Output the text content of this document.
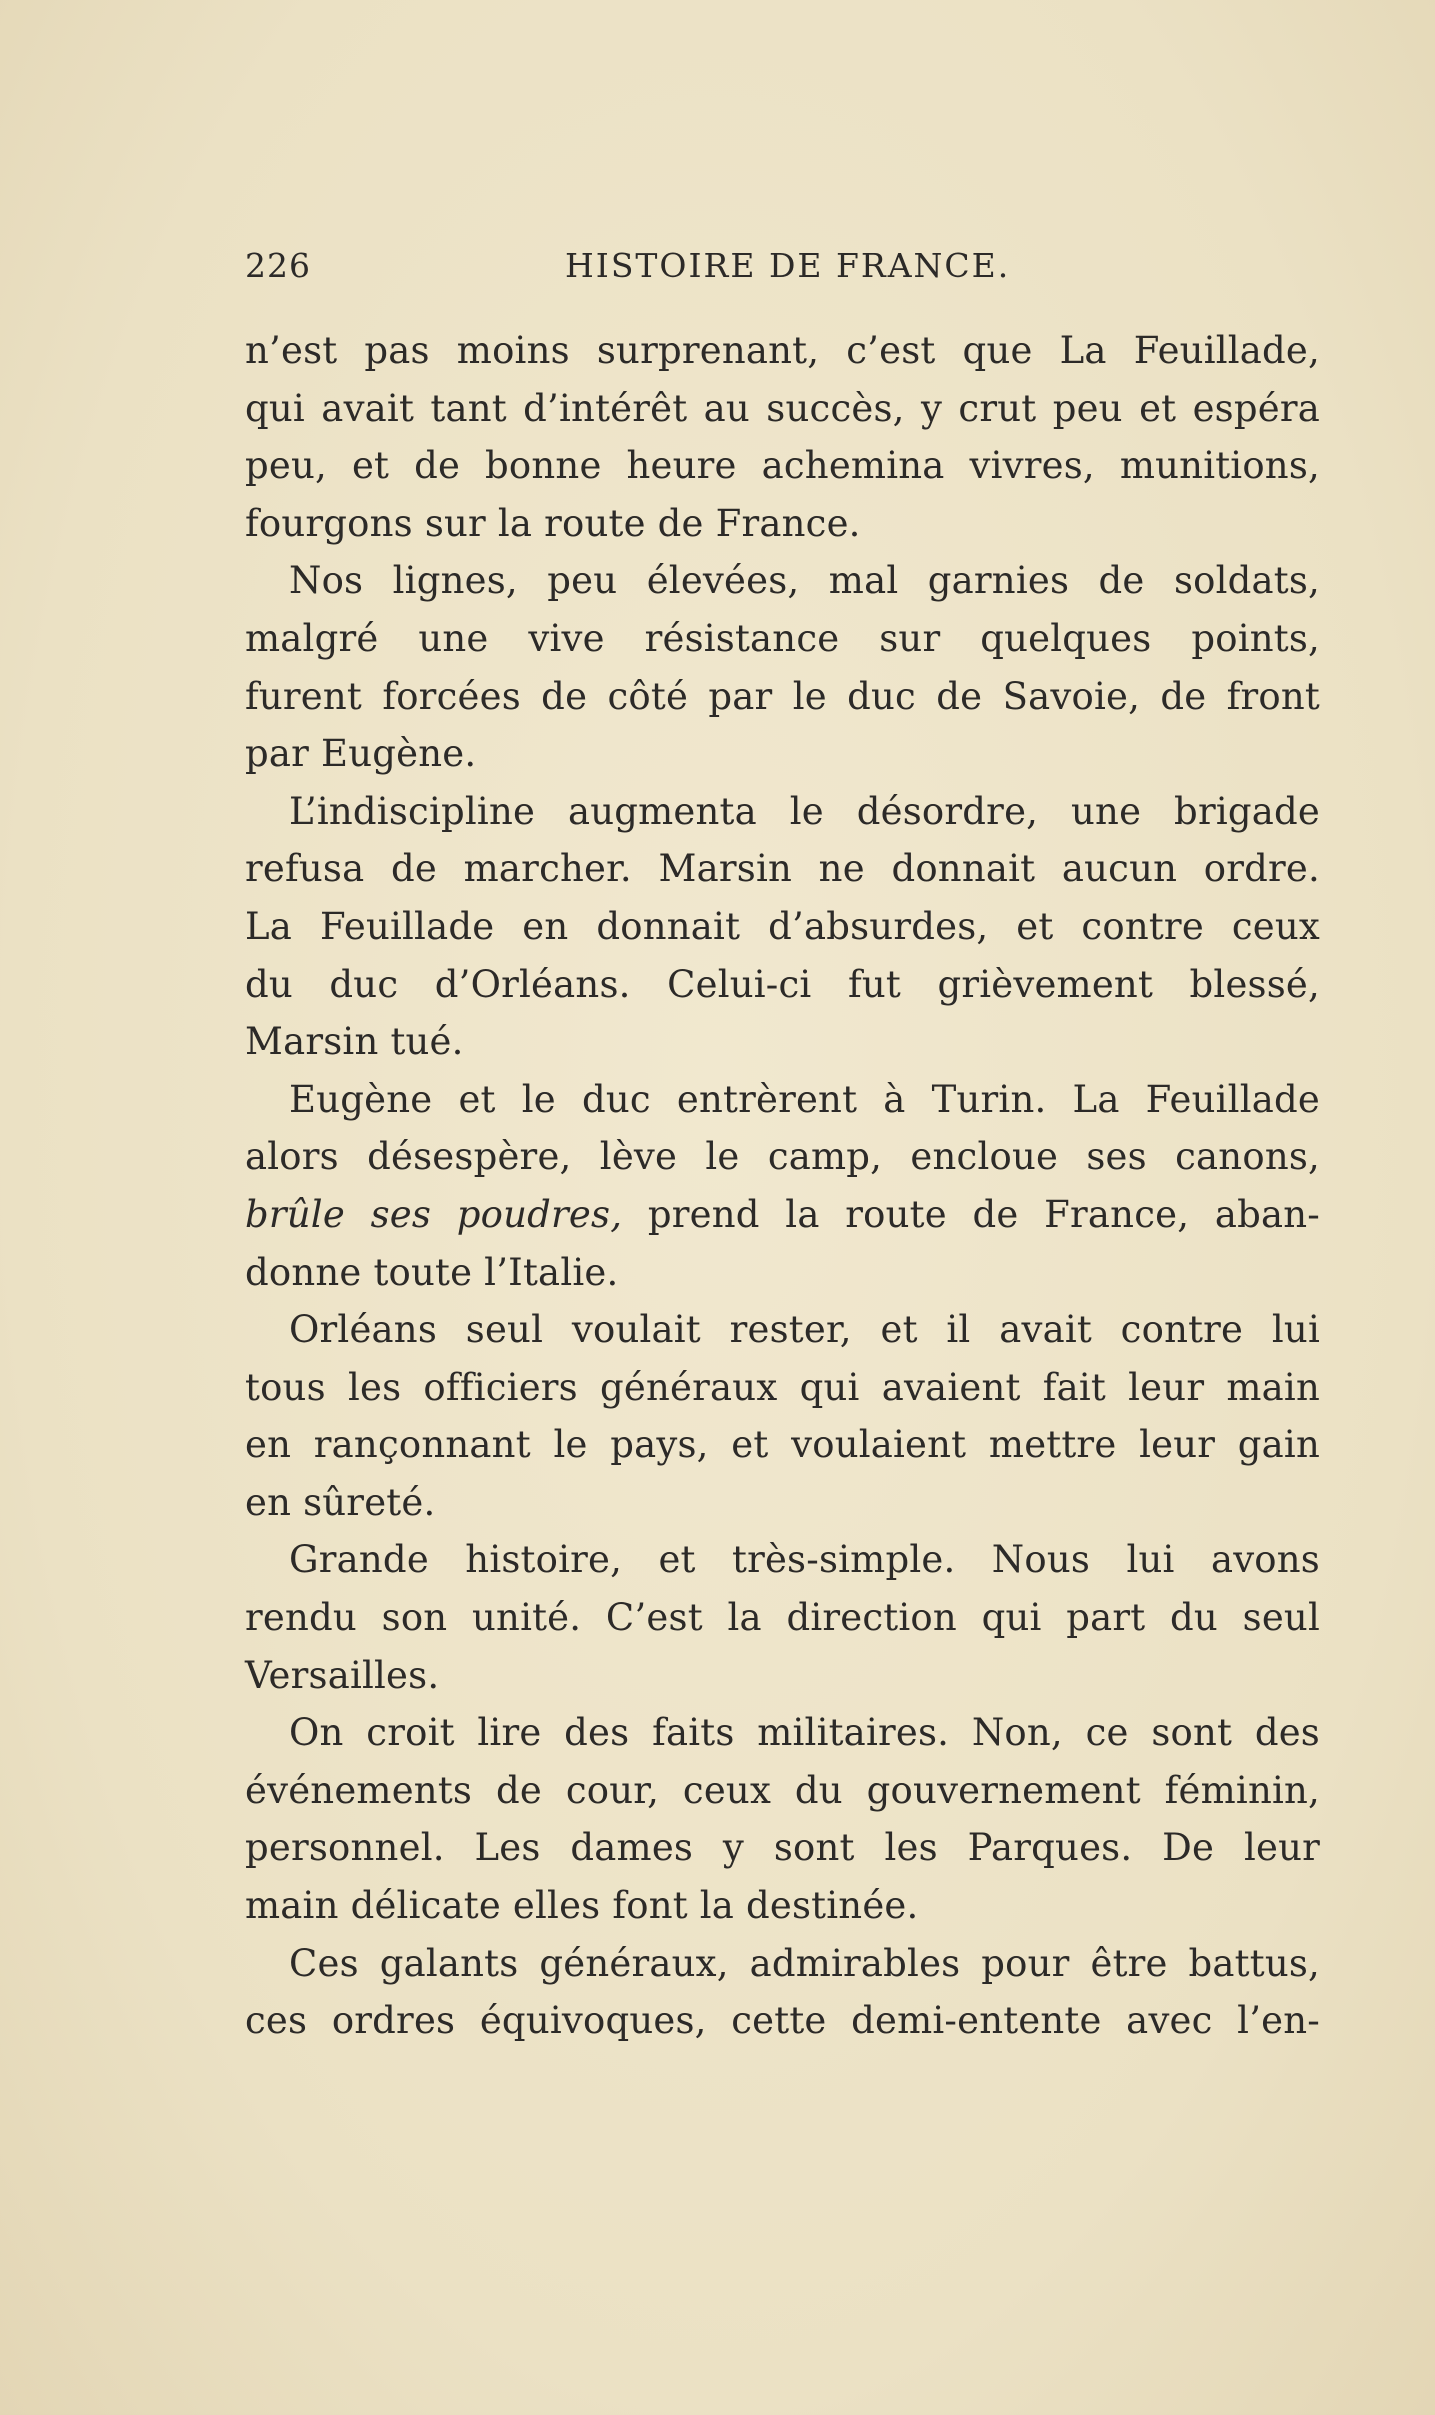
226	HISTOIRE DE FRANCE.
n’est pas moins surprenant, c’est que La Feuillade,
qui avait tant d’intérêt au succès, y crut peu et espéra
peu, et de bonne heure achemina vivres, munitions,
fourgons sur la route de France.
Nos lignes, peu élevées, mal garnies de soldats,
malgré une vive résistance sur quelques points,
furent forcées de côté par le duc de Savoie, de front
par Eugène.
L’indiscipline augmenta le désordre, une brigade
refusa de marcher. Marsin ne donnait aucun ordre.
La Feuillade en donnait d’absurdes, et contre ceux
du duc d’Orléans. Celui-ci fut grièvement blessé,
Marsin tué.
Eugène et le duc entrèrent à Turin. La Feuillade
alors désespère, lève le camp, encloue ses canons,
brûle ses poudres, prend la route de France, aban-
donne toute l’Italie.
Orléans seul voulait rester, et il avait contre lui
tous les officiers généraux qui avaient fait leur main
en rançonnant le pays, et voulaient mettre leur gain
en sûreté.
Grande histoire, et très-simple. Nous lui avons
rendu son unité. C’est la direction qui part du seul
Versailles.
On croit lire des faits militaires. Non, ce sont des
événements de cour, ceux du gouvernement féminin,
personnel. Les dames y sont les Parques. De leur
main délicate elles font la destinée.
Ces galants généraux, admirables pour être battus,
ces ordres équivoques, cette demi-entente avec l’en-
